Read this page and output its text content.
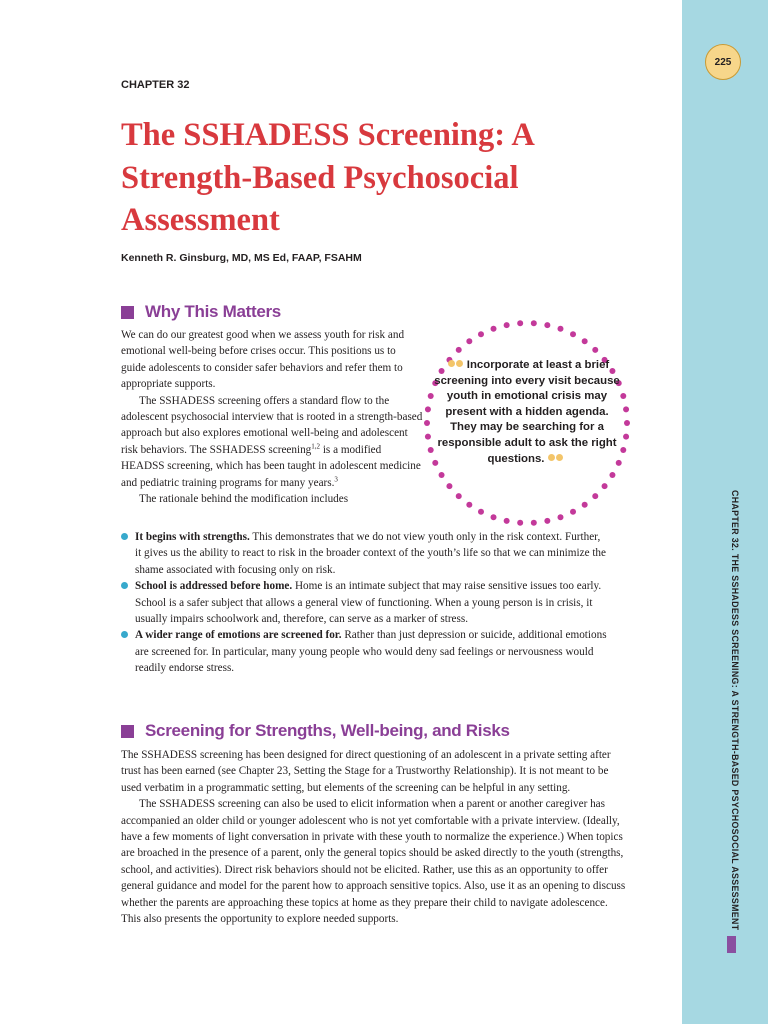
225
CHAPTER 32. THE SSHADESS SCREENING: A STRENGTH-BASED PSYCHOSOCIAL ASSESSMENT
CHAPTER 32
The SSHADESS Screening: A Strength-Based Psychosocial Assessment
Kenneth R. Ginsburg, MD, MS Ed, FAAP, FSAHM
Why This Matters

We can do our greatest good when we assess youth for risk and emotional well-being before crises occur. This positions us to guide adolescents to consider safer behaviors and refer them to appropriate supports.

The SSHADESS screening offers a standard flow to the adolescent psychosocial interview that is rooted in a strength-based approach but also explores emotional well-being and adolescent risk behaviors. The SSHADESS screening$^{1,2}$ is a modified HEADSS screening, which has been taught in adolescent medicine and pediatric training programs for many years.$^3$

The rationale behind the modification includes

It begins with strengths. This demonstrates that we do not view youth only in the risk context. Further, it gives us the ability to react to risk in the broader context of the youth’s life so that we can minimize the shame associated with focusing only on risk.
School is addressed before home. Home is an intimate subject that may raise sensitive issues too early. School is a safer subject that allows a general view of functioning. When a young person is in crisis, it usually impairs schoolwork and, therefore, can serve as a marker of stress.
A wider range of emotions are screened for. Rather than just depression or suicide, additional emotions are screened for. In particular, many young people who would deny sad feelings or nervousness would readily endorse stress.
Incorporate at least a brief screening into every visit because youth in emotional crisis may present with a hidden agenda. They may be searching for a responsible adult to ask the right questions.
Screening for Strengths, Well-being, and Risks

The SSHADESS screening has been designed for direct questioning of an adolescent in a private setting after trust has been earned (see Chapter 23, Setting the Stage for a Trustworthy Relationship). It is not meant to be used verbatim in a programmatic setting, but elements of the screening can be helpful in any setting.

The SSHADESS screening can also be used to elicit information when a parent or another caregiver has accompanied an older child or younger adolescent who is not yet comfortable with a private interview. (Ideally, have a few moments of light conversation in private with these youth to normalize the experience.) When topics are broached in the presence of a parent, only the general topics should be asked directly to the youth (strengths, school, and activities). Direct risk behaviors should not be elicited. Rather, use this as an opportunity to offer general guidance and model for the parent how to approach sensitive topics. Also, use it as an opening to discuss whether the parents are approaching these topics at home as they prepare their child to navigate adolescence. This also presents the opportunity to explore needed supports.
